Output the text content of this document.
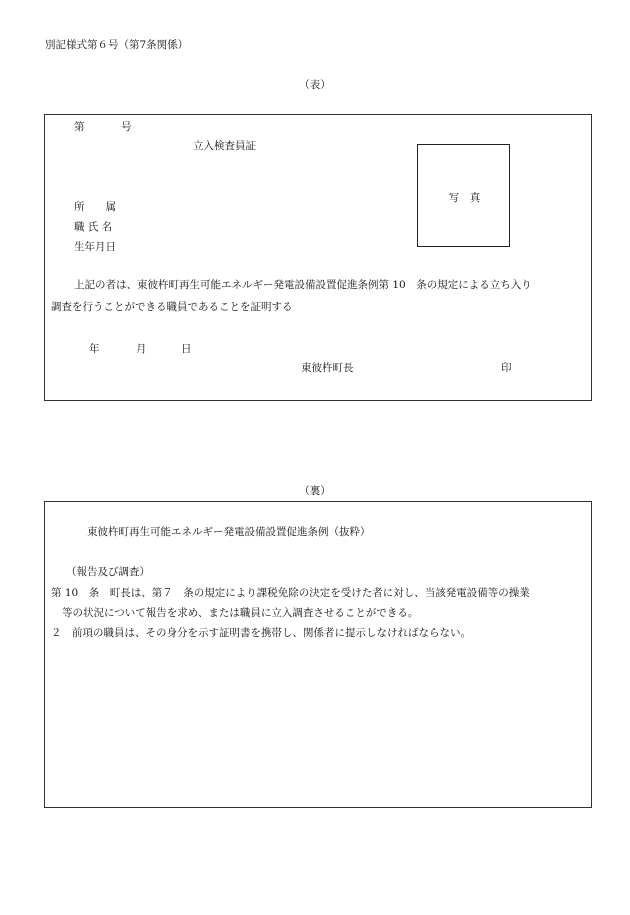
別記様式第６号（第7条関係）
（表）
第	号
立入検査員証
写　真
所　　属
職 氏 名
生年月日
上記の者は、東彼杵町再生可能エネルギー発電設備設置促進条例第 10　条の規定による立ち入り
調査を行うことができる職員であることを証明する
年	月	日
東彼杵町長	印
（裏）
東彼杵町再生可能エネルギー発電設備設置促進条例（抜粋）
（報告及び調査）
第 10　条　町長は、第７　条の規定により課税免除の決定を受けた者に対し、当該発電設備等の操業
等の状況について報告を求め、または職員に立入調査させることができる。
２　前項の職員は、その身分を示す証明書を携帯し、関係者に提示しなければならない。
